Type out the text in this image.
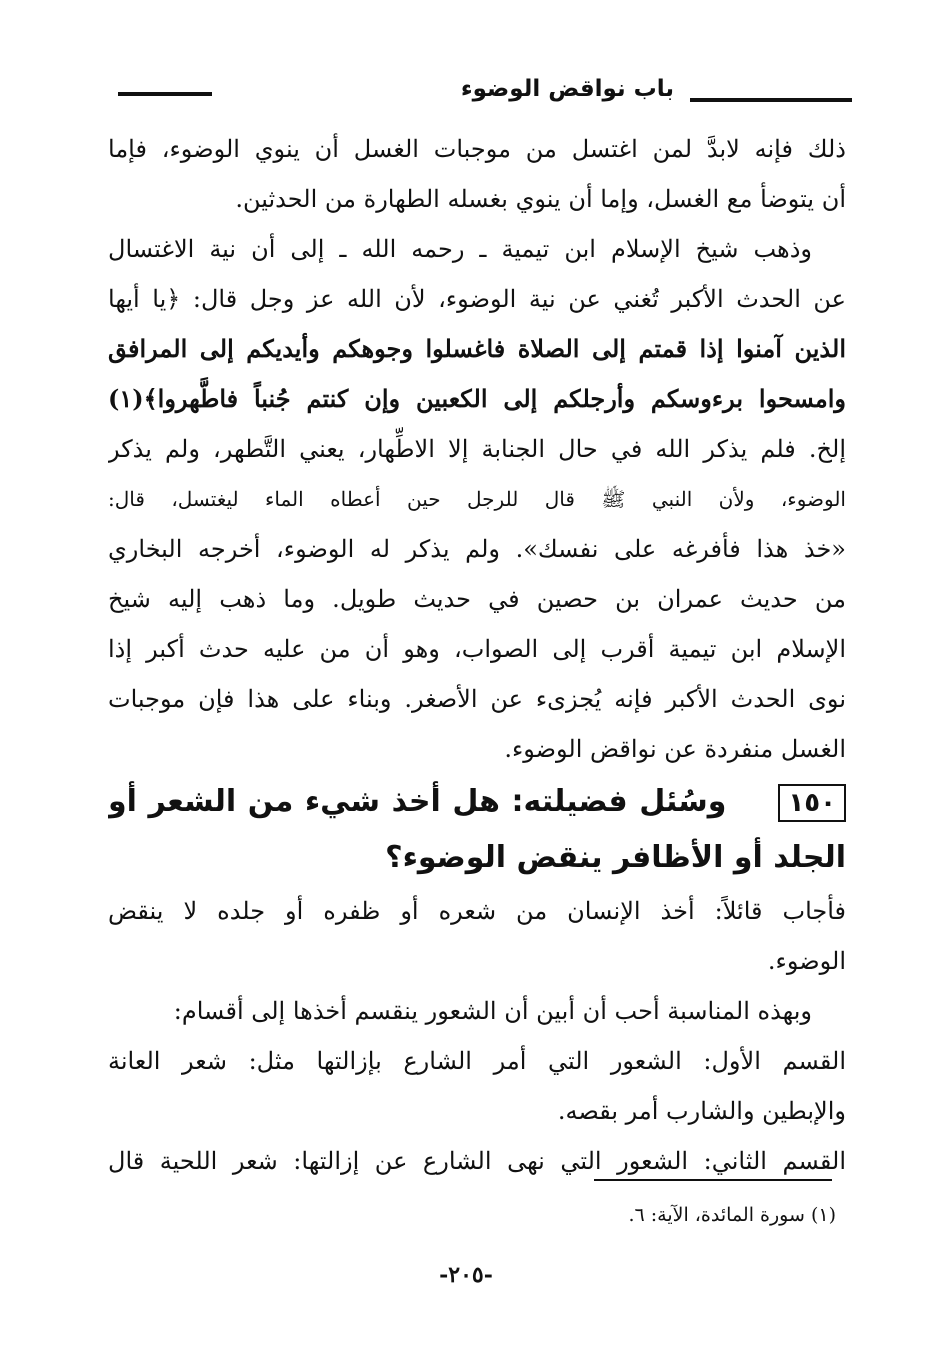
باب نواقض الوضوء
ذلك فإنه لابدَّ لمن اغتسل من موجبات الغسل أن ينوي الوضوء، فإما
أن يتوضأ مع الغسل، وإما أن ينوي بغسله الطهارة من الحدثين.
وذهب شيخ الإسلام ابن تيمية ـ رحمه الله ـ إلى أن نية الاغتسال
عن الحدث الأكبر تُغني عن نية الوضوء، لأن الله عز وجل قال: ﴿يا أيها
الذين آمنوا إذا قمتم إلى الصلاة فاغسلوا وجوهكم وأيديكم إلى المرافق
وامسحوا برءوسكم وأرجلكم إلى الكعبين وإن كنتم جُنباً فاطَّهروا﴾(١)
إلخ. فلم يذكر الله في حال الجنابة إلا الاطِّهار، يعني التَّطهر، ولم يذكر
الوضوء، ولأن النبي ﷺ قال للرجل حين أعطاه الماء ليغتسل، قال:
«خذ هذا فأفرغه على نفسك». ولم يذكر له الوضوء، أخرجه البخاري
من حديث عمران بن حصين في حديث طويل. وما ذهب إليه شيخ
الإسلام ابن تيمية أقرب إلى الصواب، وهو أن من عليه حدث أكبر إذا
نوى الحدث الأكبر فإنه يُجزىء عن الأصغر. وبناء على هذا فإن موجبات
الغسل منفردة عن نواقض الوضوء.
١٥٠وسُئل فضيلته: هل أخذ شيء من الشعر أو
الجلد أو الأظافر ينقض الوضوء؟
فأجاب قائلاً: أخذ الإنسان من شعره أو ظفره أو جلده لا ينقض
الوضوء.
وبهذه المناسبة أحب أن أبين أن الشعور ينقسم أخذها إلى أقسام:
القسم الأول: الشعور التي أمر الشارع بإزالتها مثل: شعر العانة
والإبطين والشارب أمر بقصه.
القسم الثاني: الشعور التي نهى الشارع عن إزالتها: شعر اللحية قال
(١) سورة المائدة، الآية: ٦.
-٢٠٥-
